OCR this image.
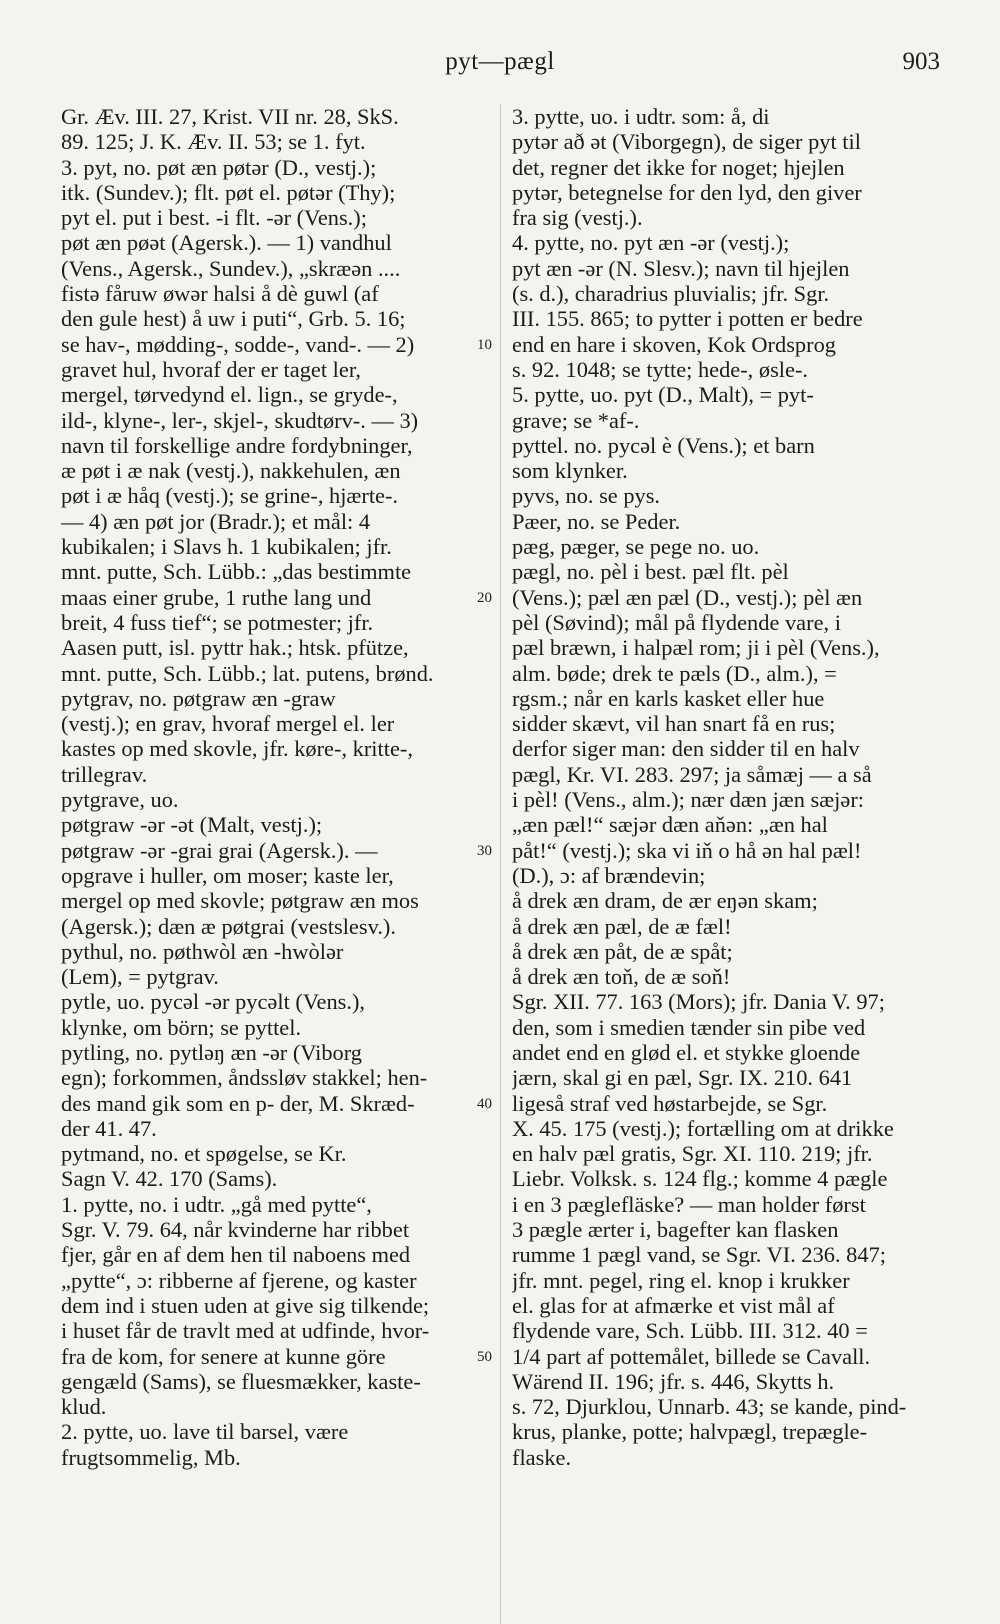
pyt—pægl	903
Gr. Æv. III. 27, Krist. VII nr. 28, SkS.
89. 125; J. K. Æv. II. 53; se 1. fyt.
3. pyt, no. pøt æn pøtər (D., vestj.);
itk. (Sundev.); flt. pøt el. pøtər (Thy);
pyt el. put i best. -i flt. -ər (Vens.);
pøt æn pøət (Agersk.). — 1) vandhul
(Vens., Agersk., Sundev.), „skræən ....
fistə fåruw øwər halsi å dè guwl (af
den gule hest) å uw i puti“, Grb. 5. 16;
se hav-, mødding-, sodde-, vand-. — 2)
gravet hul, hvoraf der er taget ler,
mergel, tørvedynd el. lign., se gryde-,
ild-, klyne-, ler-, skjel-, skudtørv-. — 3)
navn til forskellige andre fordybninger,
æ pøt i æ nak (vestj.), nakkehulen, æn
pøt i æ håq (vestj.); se grine-, hjærte-.
— 4) æn pøt jor (Bradr.); et mål: 4
kubikalen; i Slavs h. 1 kubikalen; jfr.
mnt. putte, Sch. Lübb.: „das bestimmte
maas einer grube, 1 ruthe lang und
breit, 4 fuss tief“; se potmester; jfr.
Aasen putt, isl. pyttr hak.; htsk. pfütze,
mnt. putte, Sch. Lübb.; lat. putens, brønd.
pytgrav, no. pøtgraw æn -graw
(vestj.); en grav, hvoraf mergel el. ler
kastes op med skovle, jfr. køre-, kritte-,
trillegrav.
pytgrave, uo.
pøtgraw -ər -ət (Malt, vestj.);
pøtgraw -ər -grai grai (Agersk.). —
opgrave i huller, om moser; kaste ler,
mergel op med skovle; pøtgraw æn mos
(Agersk.); dæn æ pøtgrai (vestslesv.).
pythul, no. pøthwòl æn -hwòlər
(Lem), = pytgrav.
pytle, uo. pycəl -ər pycəlt (Vens.),
klynke, om börn; se pyttel.
pytling, no. pytləŋ æn -ər (Viborg
egn); forkommen, åndssløv stakkel; hen-
des mand gik som en p- der, M. Skræd-
der 41. 47.
pytmand, no. et spøgelse, se Kr.
Sagn V. 42. 170 (Sams).
1. pytte, no. i udtr. „gå med pytte“,
Sgr. V. 79. 64, når kvinderne har ribbet
fjer, går en af dem hen til naboens med
„pytte“, ɔ: ribberne af fjerene, og kaster
dem ind i stuen uden at give sig tilkende;
i huset får de travlt med at udfinde, hvor-
fra de kom, for senere at kunne göre
gengæld (Sams), se fluesmækker, kaste-
klud.
2. pytte, uo. lave til barsel, være
frugtsommelig, Mb.
3. pytte, uo. i udtr. som: å, di
pytər að ət (Viborgegn), de siger pyt til
det, regner det ikke for noget; hjejlen
pytər, betegnelse for den lyd, den giver
fra sig (vestj.).
4. pytte, no. pyt æn -ər (vestj.);
pyt æn -ər (N. Slesv.); navn til hjejlen
(s. d.), charadrius pluvialis; jfr. Sgr.
III. 155. 865; to pytter i potten er bedre
end en hare i skoven, Kok Ordsprog
s. 92. 1048; se tytte; hede-, øsle-.
5. pytte, uo. pyt (D., Malt), = pyt-
grave; se *af-.
pyttel. no. pycəl è (Vens.); et barn
som klynker.
pyvs, no. se pys.
Pæer, no. se Peder.
pæg, pæger, se pege no. uo.
pægl, no. pèl i best. pæl flt. pèl
(Vens.); pæl æn pæl (D., vestj.); pèl æn
pèl (Søvind); mål på flydende vare, i
pæl bræwn, i halpæl rom; ji i pèl (Vens.),
alm. bøde; drek te pæls (D., alm.), =
rgsm.; når en karls kasket eller hue
sidder skævt, vil han snart få en rus;
derfor siger man: den sidder til en halv
pægl, Kr. VI. 283. 297; ja såmæj — a så
i pèl! (Vens., alm.); nær dæn jæn sæjər:
„æn pæl!“ sæjər dæn aňən: „æn hal
påt!“ (vestj.); ska vi iň o hå ən hal pæl!
(D.), ɔ: af brændevin;
å drek æn dram, de ær eŋən skam;
å drek æn pæl, de æ fæl!
å drek æn påt, de æ spåt;
å drek æn toň, de æ soň!
Sgr. XII. 77. 163 (Mors); jfr. Dania V. 97;
den, som i smedien tænder sin pibe ved
andet end en glød el. et stykke gloende
jærn, skal gi en pæl, Sgr. IX. 210. 641
ligeså straf ved høstarbejde, se Sgr.
X. 45. 175 (vestj.); fortælling om at drikke
en halv pæl gratis, Sgr. XI. 110. 219; jfr.
Liebr. Volksk. s. 124 flg.; komme 4 pægle
i en 3 pæglefläske? — man holder først
3 pægle ærter i, bagefter kan flasken
rumme 1 pægl vand, se Sgr. VI. 236. 847;
jfr. mnt. pegel, ring el. knop i krukker
el. glas for at afmærke et vist mål af
flydende vare, Sch. Lübb. III. 312. 40 =
1/4 part af pottemålet, billede se Cavall.
Wärend II. 196; jfr. s. 446, Skytts h.
s. 72, Djurklou, Unnarb. 43; se kande, pind-
krus, planke, potte; halvpægl, trepægle-
flaske.
10
20
30
40
50
